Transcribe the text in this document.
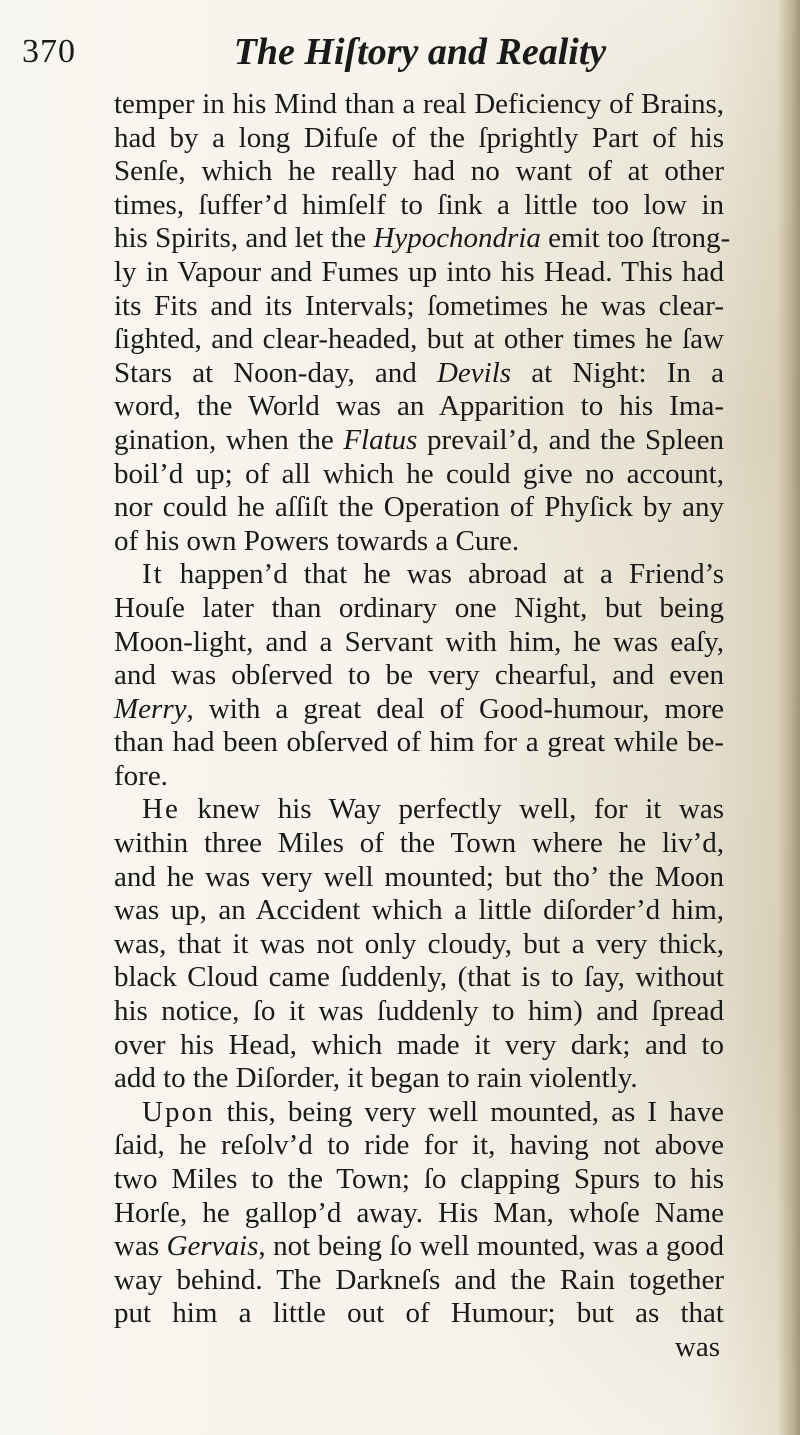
370	The Hiſtory and Reality
temper in his Mind than a real Deficiency of Brains,
had by a long Difuſe of the ſprightly Part of his
Senſe, which he really had no want of at other
times, ſuffer’d himſelf to ſink a little too low in
his Spirits, and let the Hypochondria emit too ſtrong-
ly in Vapour and Fumes up into his Head. This had
its Fits and its Intervals; ſometimes he was clear-
ſighted, and clear-headed, but at other times he ſaw
Stars at Noon-day, and Devils at Night: In a
word, the World was an Apparition to his Ima-
gination, when the Flatus prevail’d, and the Spleen
boil’d up; of all which he could give no account,
nor could he aſſiſt the Operation of Phyſick by any
of his own Powers towards a Cure.
It happen’d that he was abroad at a Friend’s
Houſe later than ordinary one Night, but being
Moon-light, and a Servant with him, he was eaſy,
and was obſerved to be very chearful, and even
Merry, with a great deal of Good-humour, more
than had been obſerved of him for a great while be-
fore.
He knew his Way perfectly well, for it was
within three Miles of the Town where he liv’d,
and he was very well mounted; but tho’ the Moon
was up, an Accident which a little diſorder’d him,
was, that it was not only cloudy, but a very thick,
black Cloud came ſuddenly, (that is to ſay, without
his notice, ſo it was ſuddenly to him) and ſpread
over his Head, which made it very dark; and to
add to the Diſorder, it began to rain violently.
Upon this, being very well mounted, as I have
ſaid, he reſolv’d to ride for it, having not above
two Miles to the Town; ſo clapping Spurs to his
Horſe, he gallop’d away. His Man, whoſe Name
was Gervais, not being ſo well mounted, was a good
way behind. The Darkneſs and the Rain together
put him a little out of Humour; but as that
was
